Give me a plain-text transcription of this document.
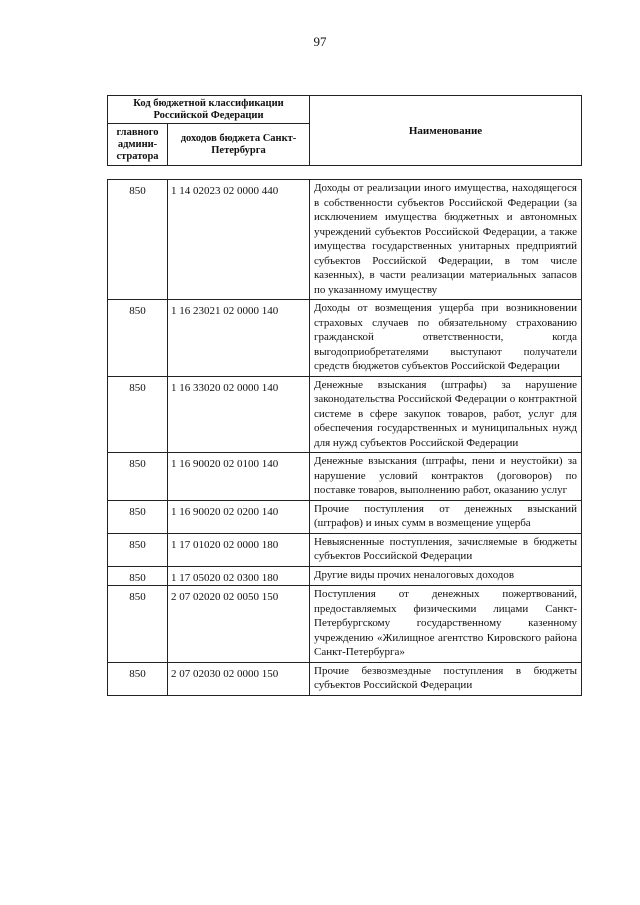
97
Код бюджетной классификации Российской Федерации		Наименование
главного админи-стратора	доходов бюджета Санкт-Петербурга	
850	1 14 02023 02 0000 440	Доходы от реализации иного имущества, находящегося в собственности субъектов Российской Федерации (за исключением имущества бюджетных и автономных учреждений субъектов Российской Федерации, а также имущества государственных унитарных предприятий субъектов Российской Федерации, в том числе казенных), в части реализации материальных запасов по указанному имуществу
850	1 16 23021 02 0000 140	Доходы от возмещения ущерба при возникновении страховых случаев по обязательному страхованию гражданской ответственности, когда выгодоприобретателями выступают получатели средств бюджетов субъектов Российской Федерации
850	1 16 33020 02 0000 140	Денежные взыскания (штрафы) за нарушение законодательства Российской Федерации о контрактной системе в сфере закупок товаров, работ, услуг для обеспечения государственных и муниципальных нужд для нужд субъектов Российской Федерации
850	1 16 90020 02 0100 140	Денежные взыскания (штрафы, пени и неустойки) за нарушение условий контрактов (договоров) по поставке товаров, выполнению работ, оказанию услуг
850	1 16 90020 02 0200 140	Прочие поступления от денежных взысканий (штрафов) и иных сумм в возмещение ущерба
850	1 17 01020 02 0000 180	Невыясненные поступления, зачисляемые в бюджеты субъектов Российской Федерации
850	1 17 05020 02 0300 180	Другие виды прочих неналоговых доходов
850	2 07 02020 02 0050 150	Поступления от денежных пожертвований, предоставляемых физическими лицами Санкт-Петербургскому государственному казенному учреждению «Жилищное агентство Кировского района Санкт-Петербурга»
850	2 07 02030 02 0000 150	Прочие безвозмездные поступления в бюджеты субъектов Российской Федерации
